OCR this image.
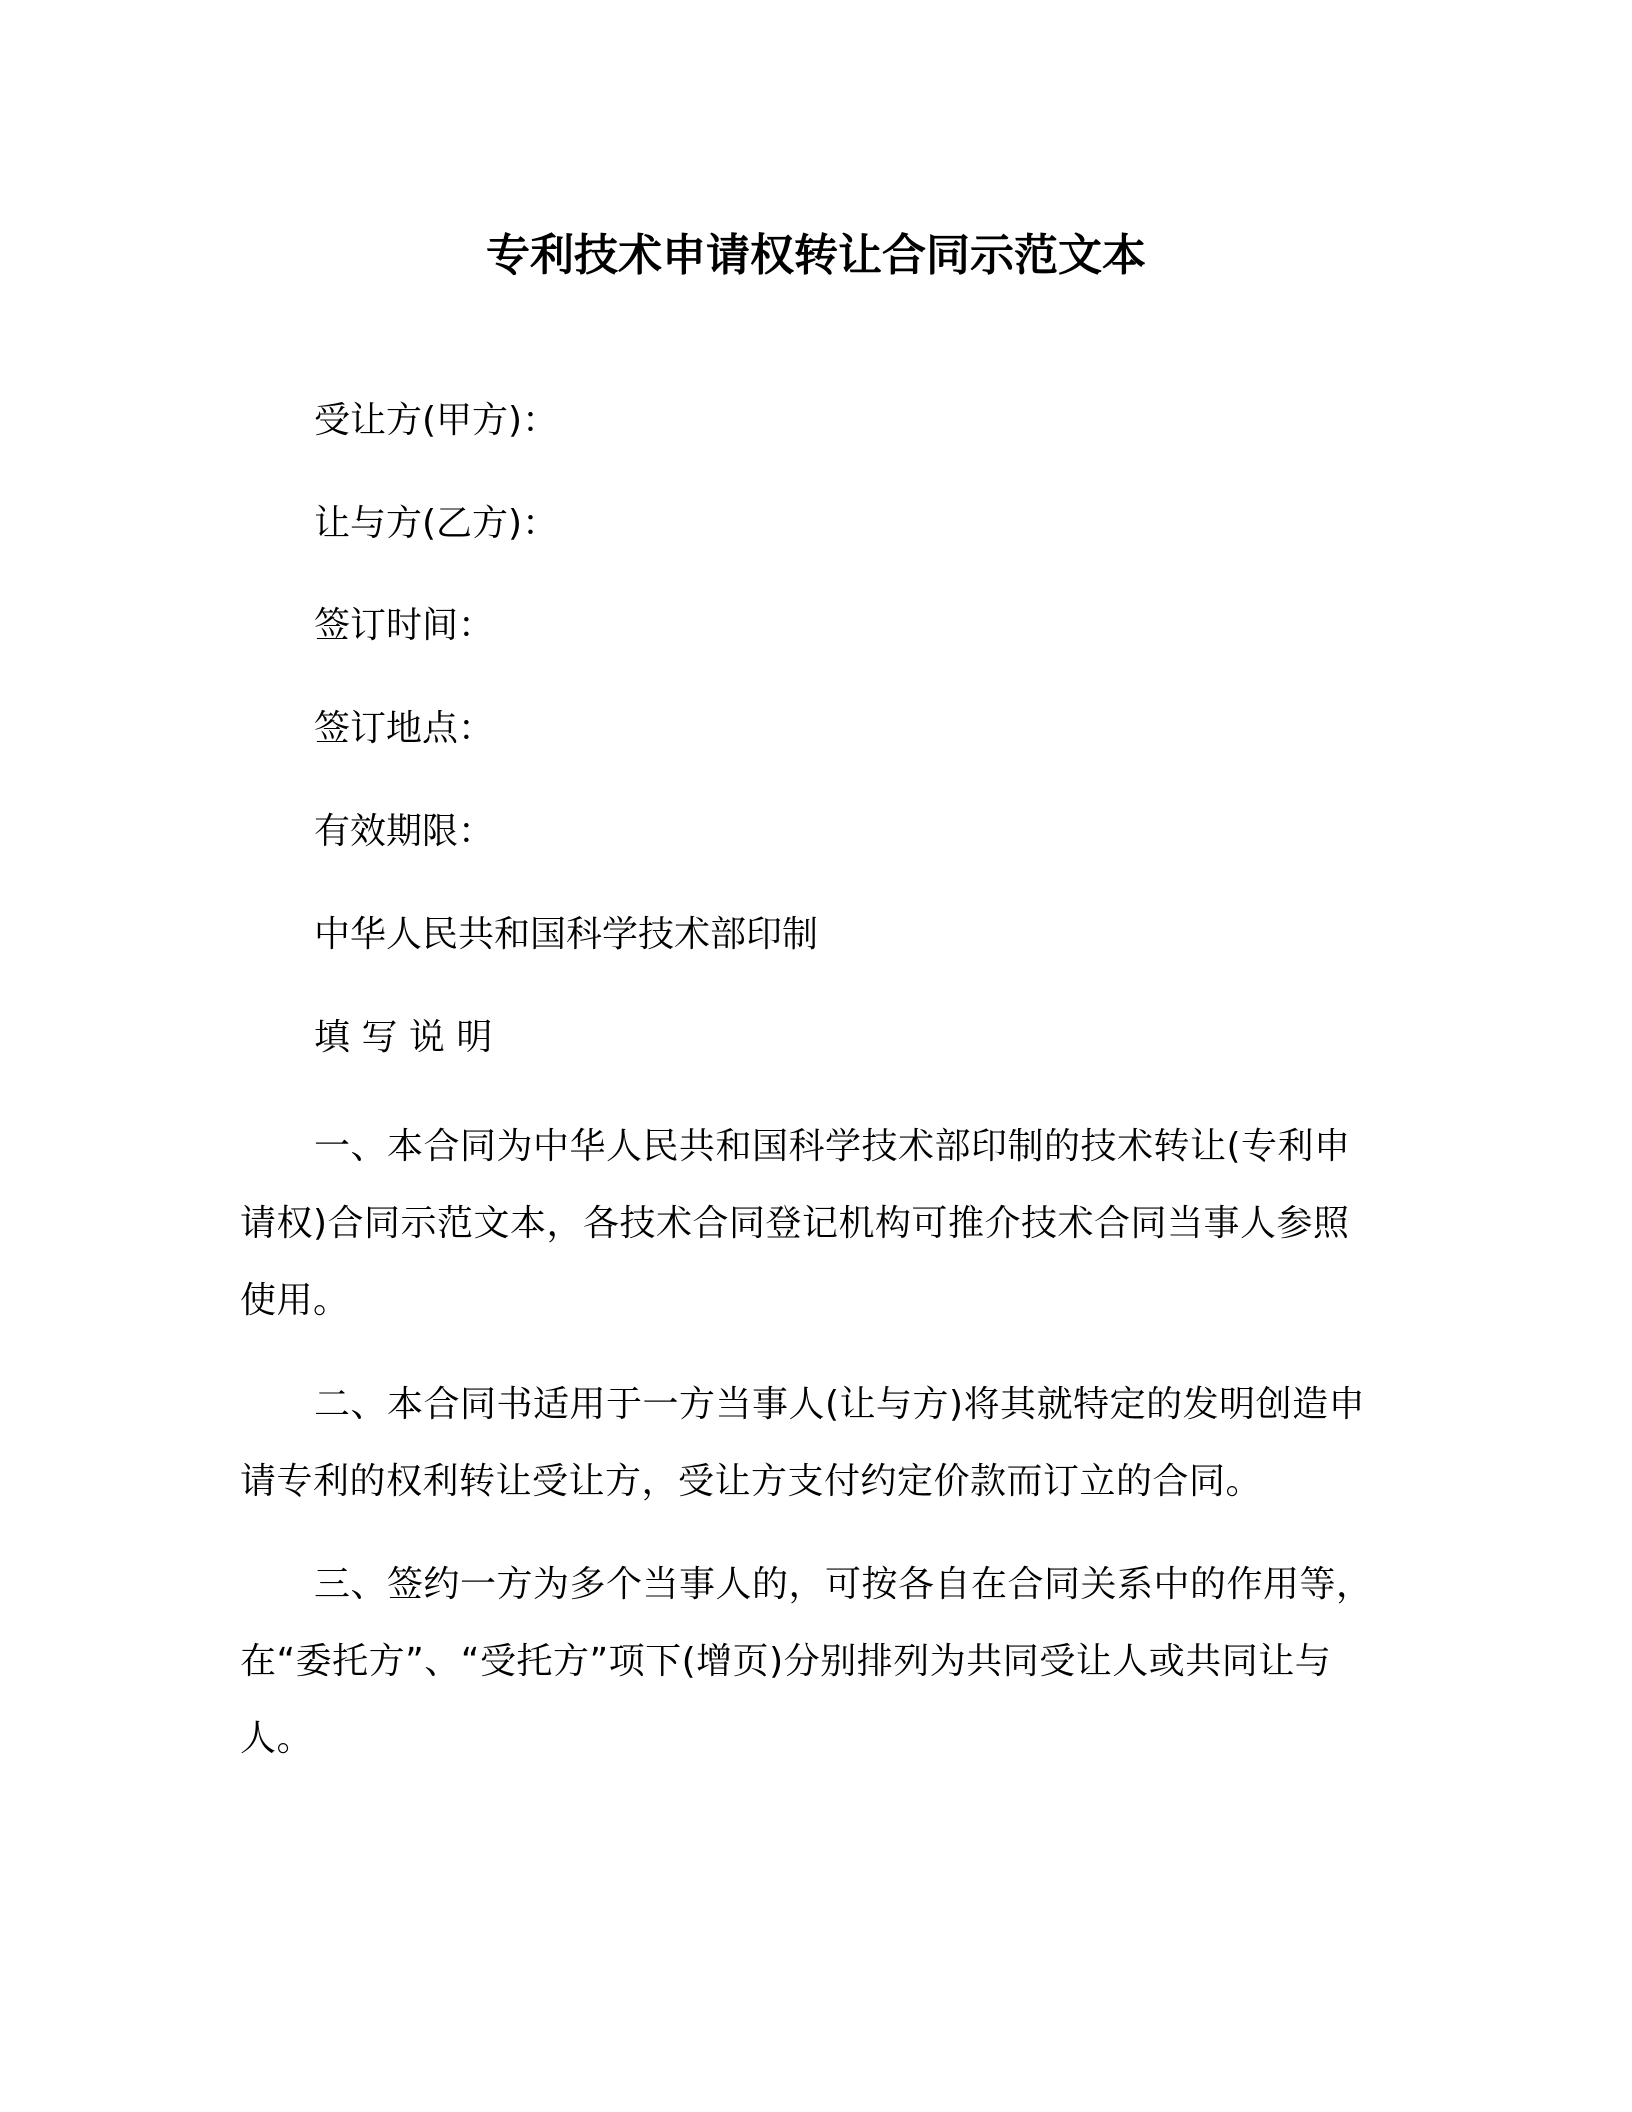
专利技术申请权转让合同示范文本
受让方(甲方)：
让与方(乙方)：
签订时间：
签订地点：
有效期限：
中华人民共和国科学技术部印制
填 写 说 明
一、本合同为中华人民共和国科学技术部印制的技术转让(专利申请权)合同示范文本，各技术合同登记机构可推介技术合同当事人参照使用。
二、本合同书适用于一方当事人(让与方)将其就特定的发明创造申请专利的权利转让受让方，受让方支付约定价款而订立的合同。
三、签约一方为多个当事人的，可按各自在合同关系中的作用等，在“委托方”、“受托方”项下(增页)分别排列为共同受让人或共同让与人。
